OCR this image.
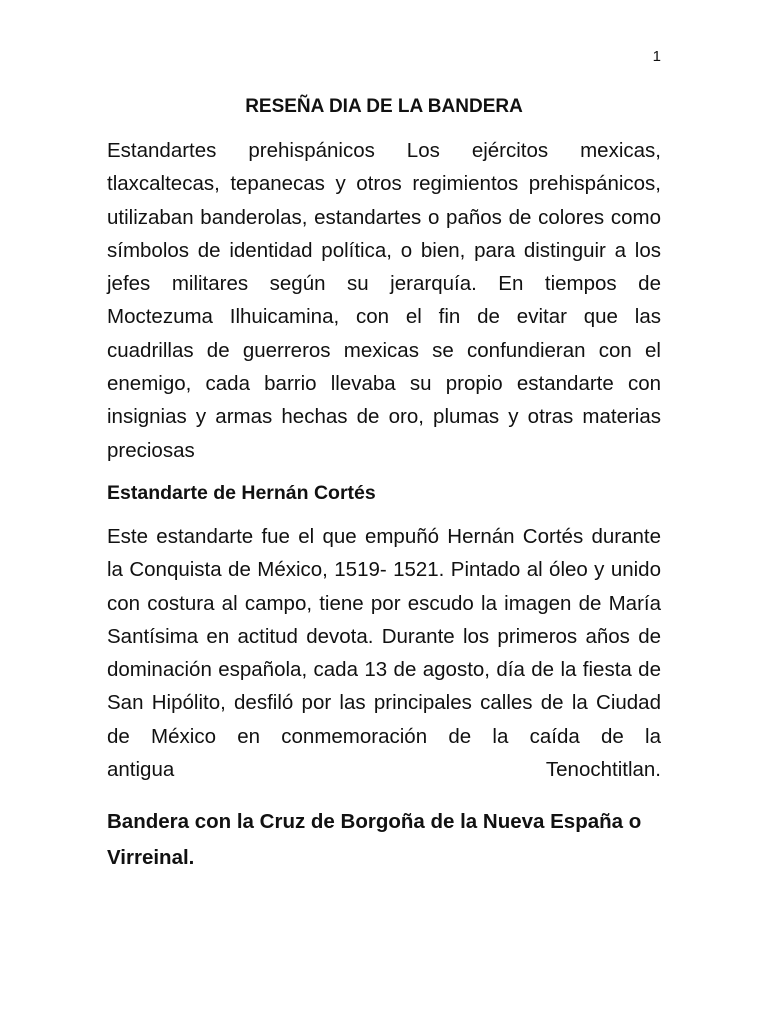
1
RESEÑA DIA DE LA BANDERA

Estandartes prehispánicos Los ejércitos mexicas, tlaxcaltecas, tepanecas y otros regimientos prehispánicos, utilizaban banderolas, estandartes o paños de colores como símbolos de identidad política, o bien, para distinguir a los jefes militares según su jerarquía. En tiempos de Moctezuma Ilhuicamina, con el fin de evitar que las cuadrillas de guerreros mexicas se confundieran con el enemigo, cada barrio llevaba su propio estandarte con insignias y armas hechas de oro, plumas y otras materias preciosas

Estandarte de Hernán Cortés

Este estandarte fue el que empuñó Hernán Cortés durante la Conquista de México, 1519- 1521. Pintado al óleo y unido con costura al campo, tiene por escudo la imagen de María Santísima en actitud devota. Durante los primeros años de dominación española, cada 13 de agosto, día de la fiesta de San Hipólito, desfiló por las principales calles de la Ciudad de México en conmemoración de la caída de la

antigua	Tenochtitlan.
Bandera con la Cruz de Borgoña de la Nueva España o Virreinal.
